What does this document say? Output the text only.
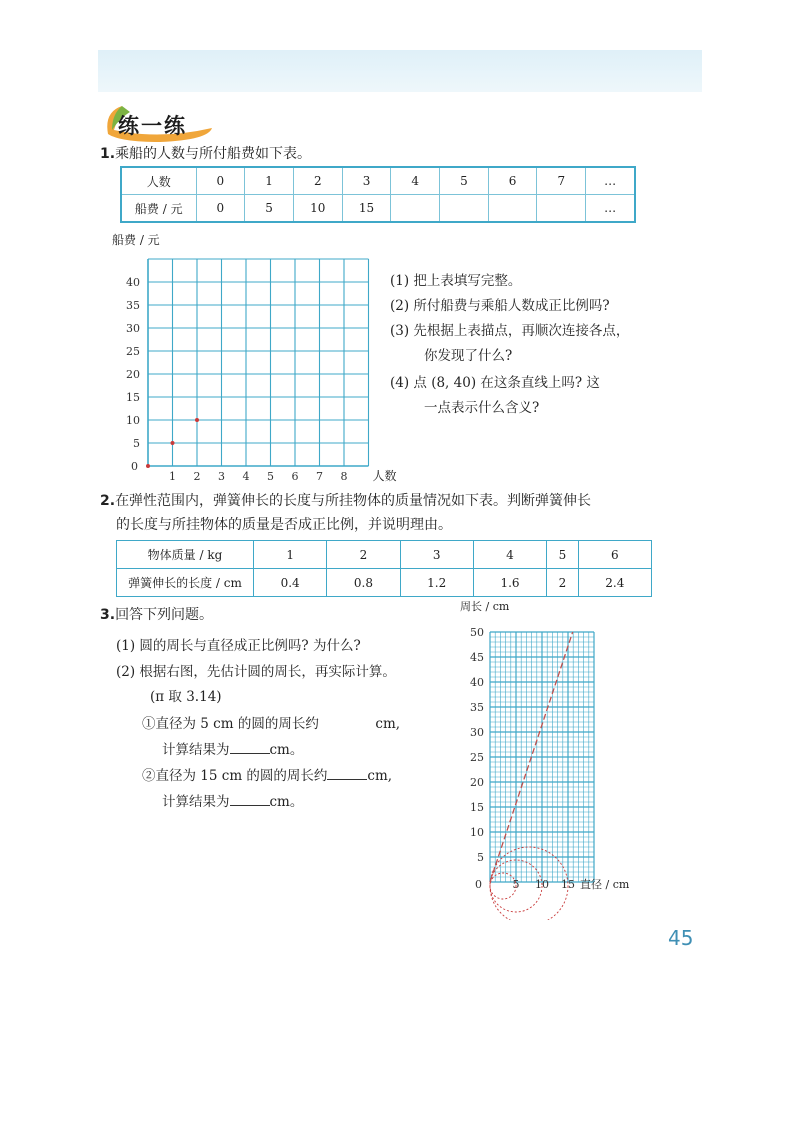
练一练
1.乘船的人数与所付船费如下表。
人数	0	1	2	3	4	5	6	7	…
船费 / 元	0	5	10	15					…
船费 / 元
5
10
15
20
25
30
35
40
1 2 3 4 5 6 7 8
0
人数
(1) 把上表填写完整。
(2) 所付船费与乘船人数成正比例吗?
(3) 先根据上表描点，再顺次连接各点，
你发现了什么?
(4) 点 (8, 40) 在这条直线上吗? 这
一点表示什么含义?
2.在弹性范围内，弹簧伸长的长度与所挂物体的质量情况如下表。判断弹簧伸长
的长度与所挂物体的质量是否成正比例，并说明理由。
物体质量 / kg	1	2	3	4	5	6
弹簧伸长的长度 / cm	0.4	0.8	1.2	1.6	2	2.4
3.回答下列问题。
(1) 圆的周长与直径成正比例吗? 为什么?
(2) 根据右图，先估计圆的周长，再实际计算。
(π 取 3.14)
①直径为 5 cm 的圆的周长约	cm,
计算结果为	cm。
②直径为 15 cm 的圆的周长约	cm,
计算结果为	cm。
周长 / cm
5
10
15
20
25
30
35
40
45
50
5 10 15
0	直径 / cm
45
